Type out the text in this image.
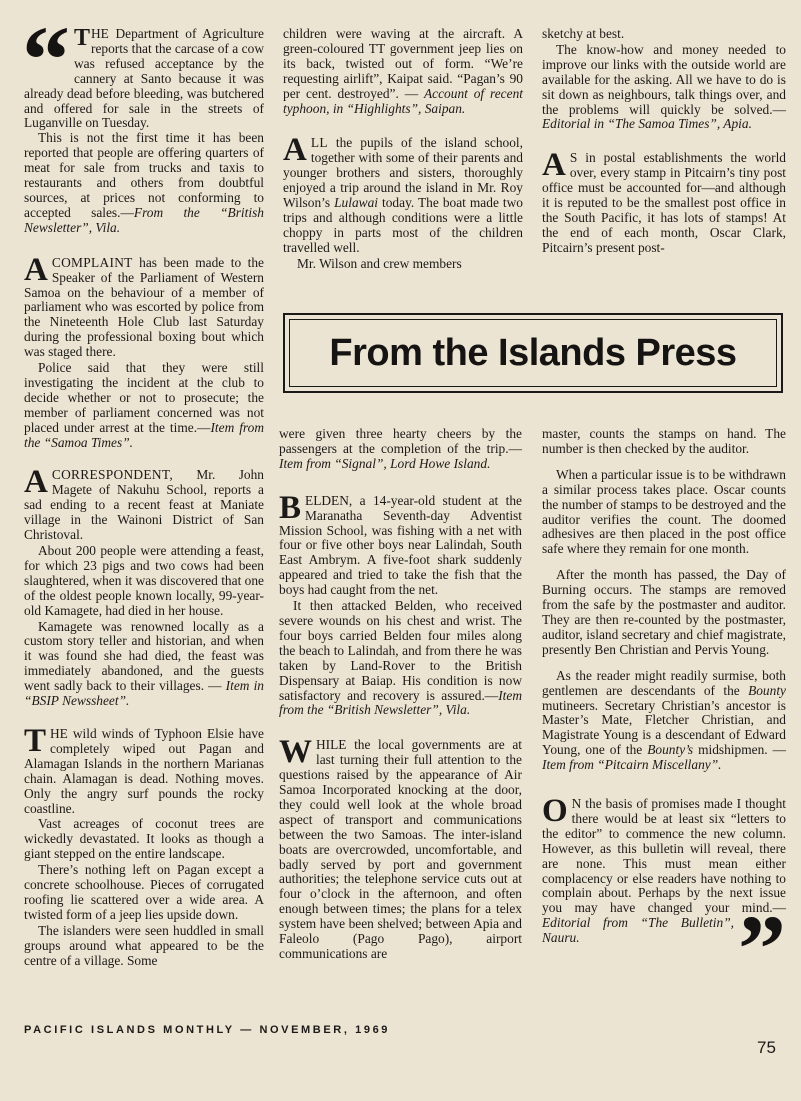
“ T HE Department of Agriculture reports that the carcase of a cow was refused acceptance by the cannery at Santo because it was already dead before bleeding, was butchered and offered for sale in the streets of Luganville on Tuesday.

This is not the first time it has been reported that people are offering quarters of meat for sale from trucks and taxis to restaurants and others from doubtful sources, at prices not conforming to accepted sales.—From the “British Newsletter”, Vila.

ACOMPLAINT has been made to the Speaker of the Parliament of Western Samoa on the behaviour of a member of parliament who was escorted by police from the Nineteenth Hole Club last Saturday during the professional boxing bout which was staged there.

Police said that they were still investigating the incident at the club to decide whether or not to prosecute; the member of parliament concerned was not placed under arrest at the time.—Item from the “Samoa Times”.

ACORRESPONDENT, Mr. John Magete of Nakuhu School, reports a sad ending to a recent feast at Maniate village in the Wainoni District of San Christoval.

About 200 people were attending a feast, for which 23 pigs and two cows had been slaughtered, when it was discovered that one of the oldest people known locally, 99-year-old Kamagete, had died in her house.

Kamagete was renowned locally as a custom story teller and historian, and when it was found she had died, the feast was immediately abandoned, and the guests went sadly back to their villages. — Item in “BSIP Newssheet”.

THE wild winds of Typhoon Elsie have completely wiped out Pagan and Alamagan Islands in the northern Marianas chain. Alamagan is dead. Nothing moves. Only the angry surf pounds the rocky coastline.

Vast acreages of coconut trees are wickedly devastated. It looks as though a giant stepped on the entire landscape.

There’s nothing left on Pagan except a concrete schoolhouse. Pieces of corrugated roofing lie scattered over a wide area. A twisted form of a jeep lies upside down.

The islanders were seen huddled in small groups around what appeared to be the centre of a village. Some

children were waving at the aircraft. A green-coloured TT government jeep lies on its back, twisted out of form. “We’re requesting airlift”, Kaipat said. “Pagan’s 90 per cent. destroyed”. — Account of recent typhoon, in “Highlights”, Saipan.

ALL the pupils of the island school, together with some of their parents and younger brothers and sisters, thoroughly enjoyed a trip around the island in Mr. Roy Wilson’s Lulawai today. The boat made two trips and although conditions were a little choppy in parts most of the children travelled well.

Mr. Wilson and crew members

sketchy at best.

The know-how and money needed to improve our links with the outside world are available for the asking. All we have to do is sit down as neighbours, talk things over, and the problems will quickly be solved.—Editorial in “The Samoa Times”, Apia.

A S in postal establishments the world over, every stamp in Pitcairn’s tiny post office must be accounted for—and although it is reputed to be the smallest post office in the South Pacific, it has lots of stamps! At the end of each month, Oscar Clark, Pitcairn’s present post-

From the Islands Press

were given three hearty cheers by the passengers at the completion of the trip.—Item from “Signal”, Lord Howe Island.

BELDEN, a 14-year-old student at the Maranatha Seventh-day Adventist Mission School, was fishing with a net with four or five other boys near Lalindah, South East Ambrym. A five-foot shark suddenly appeared and tried to take the fish that the boys had caught from the net.

It then attacked Belden, who received severe wounds on his chest and wrist. The four boys carried Belden four miles along the beach to Lalindah, and from there he was taken by Land-Rover to the British Dispensary at Baiap. His condition is now satisfactory and recovery is assured.—Item from the “British Newsletter”, Vila.

WHILE the local governments are at last turning their full attention to the questions raised by the appearance of Air Samoa Incorporated knocking at the door, they could well look at the whole broad aspect of transport and communications between the two Samoas. The inter-island boats are overcrowded, uncomfortable, and badly served by port and government authorities; the telephone service cuts out at four o’clock in the afternoon, and often enough between times; the plans for a telex system have been shelved; between Apia and Faleolo (Pago Pago), airport communications are

master, counts the stamps on hand. The number is then checked by the auditor.

When a particular issue is to be withdrawn a similar process takes place. Oscar counts the number of stamps to be destroyed and the auditor verifies the count. The doomed adhesives are then placed in the post office safe where they remain for one month.

After the month has passed, the Day of Burning occurs. The stamps are removed from the safe by the postmaster and auditor. They are then re-counted by the postmaster, auditor, island secretary and chief magistrate, presently Ben Christian and Pervis Young.

As the reader might readily surmise, both gentlemen are descendants of the Bounty mutineers. Secretary Christian’s ancestor is Master’s Mate, Fletcher Christian, and Magistrate Young is a descendant of Edward Young, one of the Bounty’s midshipmen. — Item from “Pitcairn Miscellany”.

O N the basis of promises made I thought there would be at least six “letters to the editor” to commence the new column. However, as this bulletin will reveal, there are none. This must mean either complacency or else readers have nothing to complain about. Perhaps by the next issue you may have changed your mind.—
”
Editorial from “The Bulletin”, Nauru.

PACIFIC ISLANDS MONTHLY — NOVEMBER, 1969
75
